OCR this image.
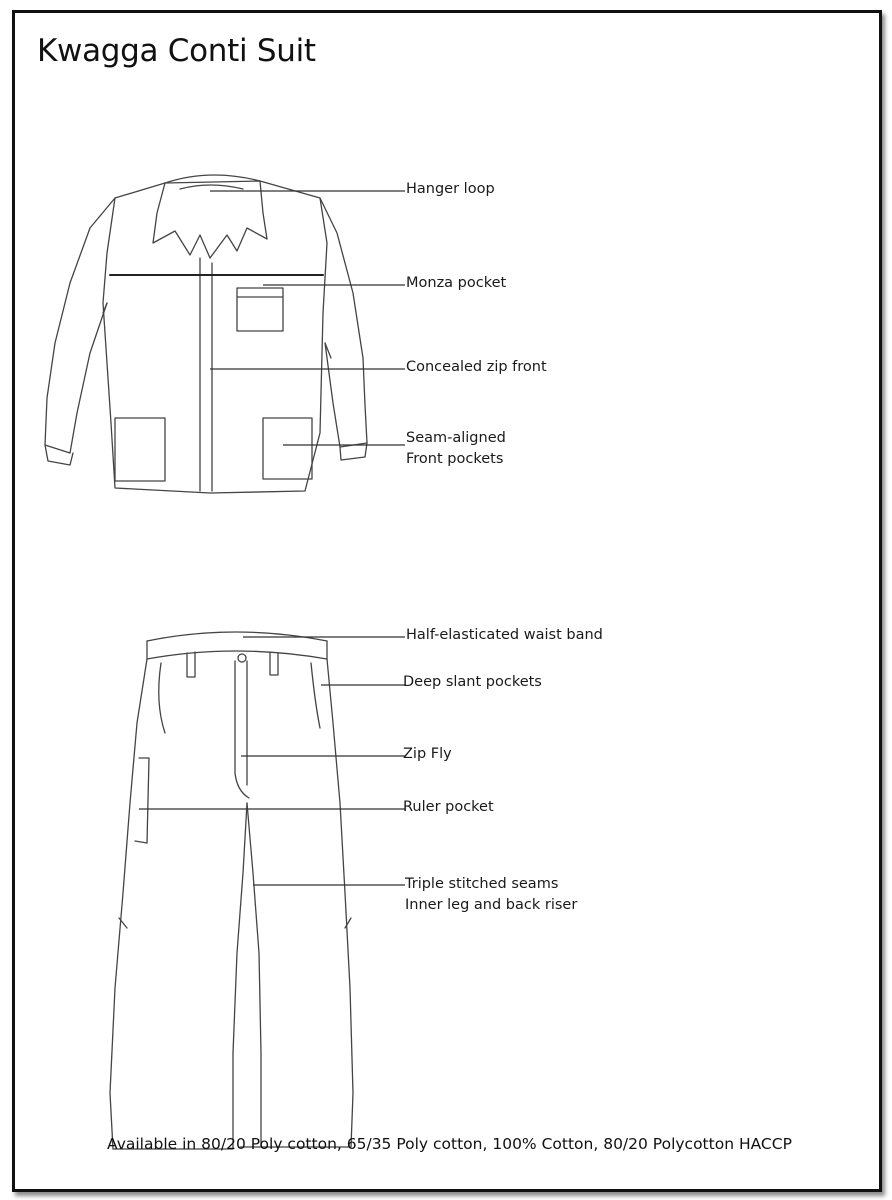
Kwagga Conti Suit
Hanger loop
Monza pocket
Concealed zip front
Seam-aligned
Front pockets
Half-elasticated waist band
Deep slant pockets
Zip Fly
Ruler pocket
Triple stitched seams
Inner leg and back riser
Available in 80/20 Poly cotton, 65/35 Poly cotton, 100% Cotton, 80/20 Polycotton HACCP
